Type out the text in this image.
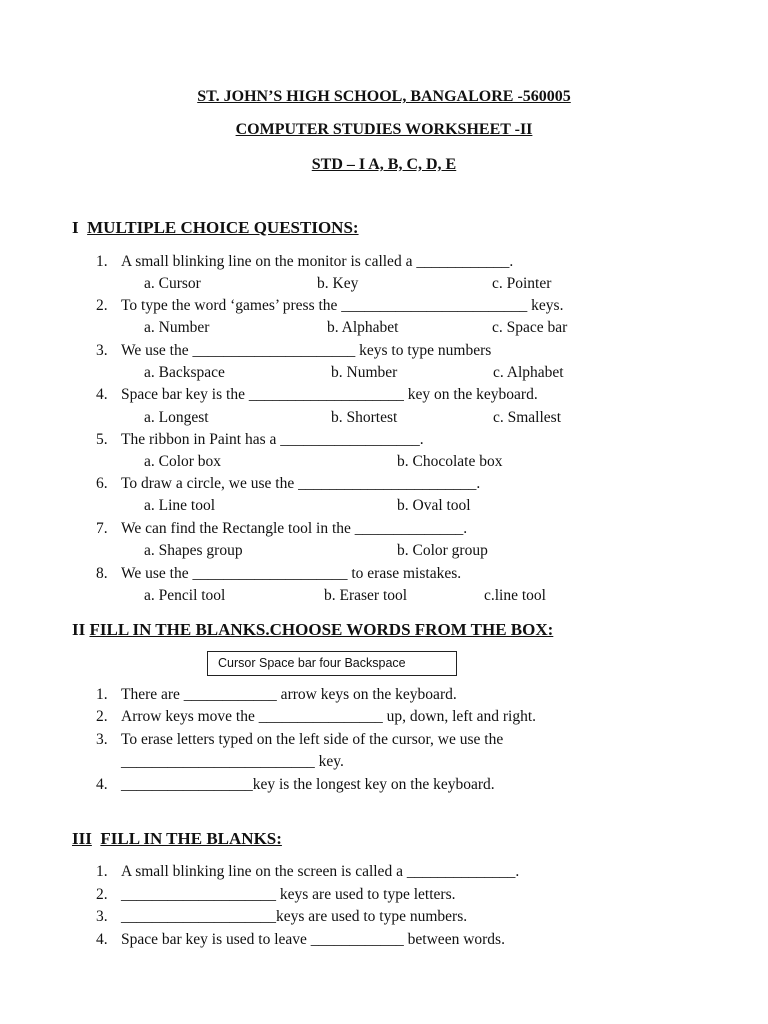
ST. JOHN’S HIGH SCHOOL, BANGALORE -560005
COMPUTER STUDIES WORKSHEET -II
STD – I A, B, C, D, E
I MULTIPLE CHOICE QUESTIONS:
1. A small blinking line on the monitor is called a ____________.
a. Cursor	b. Key	c. Pointer
2. To type the word ‘games’ press the ________________________ keys.
a. Number	b. Alphabet	c. Space bar
3. We use the _____________________ keys to type numbers
a. Backspace	b. Number	c. Alphabet
4. Space bar key is the ____________________ key on the keyboard.
a. Longest	b. Shortest	c. Smallest
5. The ribbon in Paint has a __________________.
a. Color box	b. Chocolate box
6. To draw a circle, we use the _______________________.
a. Line tool	b. Oval tool
7. We can find the Rectangle tool in the ______________.
a. Shapes group	b. Color group
8. We use the ____________________ to erase mistakes.
a. Pencil tool	b. Eraser tool	c.line tool
II FILL IN THE BLANKS.CHOOSE WORDS FROM THE BOX:
Cursor Space bar four Backspace
1. There are ____________ arrow keys on the keyboard.
2. Arrow keys move the ________________ up, down, left and right.
3. To erase letters typed on the left side of the cursor, we use the
_________________________ key.
4. _________________key is the longest key on the keyboard.
III FILL IN THE BLANKS:
1. A small blinking line on the screen is called a ______________.
2. ____________________ keys are used to type letters.
3. ____________________keys are used to type numbers.
4. Space bar key is used to leave ____________ between words.
